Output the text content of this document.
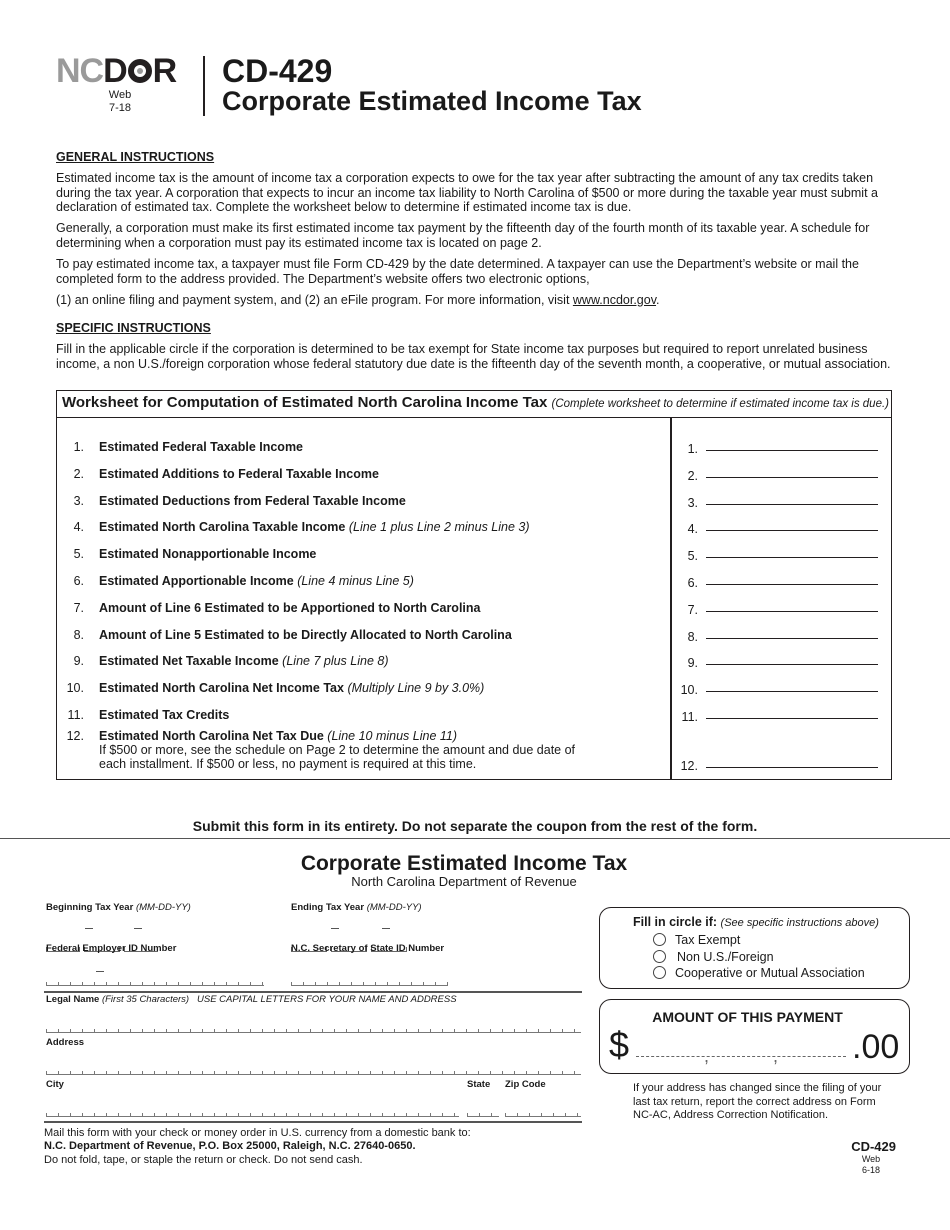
NCD R
Web
7-18
CD-429
Corporate Estimated Income Tax
GENERAL INSTRUCTIONS
Estimated income tax is the amount of income tax a corporation expects to owe for the tax year after subtracting the amount of any tax credits taken during the tax year. A corporation that expects to incur an income tax liability to North Carolina of $500 or more during the taxable year must submit a declaration of estimated tax. Complete the worksheet below to determine if estimated income tax is due.
Generally, a corporation must make its first estimated income tax payment by the fifteenth day of the fourth month of its taxable year. A schedule for determining when a corporation must pay its estimated income tax is located on page 2.
To pay estimated income tax, a taxpayer must file Form CD-429 by the date determined. A taxpayer can use the Department’s website or mail the completed form to the address provided. The Department’s website offers two electronic options,
(1) an online filing and payment system, and (2) an eFile program. For more information, visit www.ncdor.gov.
SPECIFIC INSTRUCTIONS
Fill in the applicable circle if the corporation is determined to be tax exempt for State income tax purposes but required to report unrelated business income, a non U.S./foreign corporation whose federal statutory due date is the fifteenth day of the seventh month, a cooperative, or mutual association.
Worksheet for Computation of Estimated North Carolina Income Tax (Complete worksheet to determine if estimated income tax is due.)
1. Estimated Federal Taxable Income	1.
2. Estimated Additions to Federal Taxable Income	2.
3. Estimated Deductions from Federal Taxable Income	3.
4. Estimated North Carolina Taxable Income (Line 1 plus Line 2 minus Line 3)	4.
5. Estimated Nonapportionable Income	5.
6. Estimated Apportionable Income (Line 4 minus Line 5)	6.
7. Amount of Line 6 Estimated to be Apportioned to North Carolina	7.
8. Amount of Line 5 Estimated to be Directly Allocated to North Carolina	8.
9. Estimated Net Taxable Income (Line 7 plus Line 8)	9.
10. Estimated North Carolina Net Income Tax (Multiply Line 9 by 3.0%)	10.
11. Estimated Tax Credits	11.
12. Estimated North Carolina Net Tax Due (Line 10 minus Line 11)
If $500 or more, see the schedule on Page 2 to determine the amount and due date of
each installment. If $500 or less, no payment is required at this time.	12.
Submit this form in its entirety. Do not separate the coupon from the rest of the form.
Corporate Estimated Income Tax
North Carolina Department of Revenue
Beginning Tax Year (MM-DD-YY)	Ending Tax Year (MM-DD-YY)
Federal Employer ID Number	N.C. Secretary of State ID Number
Legal Name (First 35 Characters) USE CAPITAL LETTERS FOR YOUR NAME AND ADDRESS
Address
City	State Zip Code
Fill in circle if: (See specific instructions above)
Tax Exempt
Non U.S./Foreign
Cooperative or Mutual Association
AMOUNT OF THIS PAYMENT
$	,	, .00
If your address has changed since the filing of your last tax return, report the correct address on Form NC-AC, Address Correction Notification.
Mail this form with your check or money order in U.S. currency from a domestic bank to:
N.C. Department of Revenue, P.O. Box 25000, Raleigh, N.C. 27640-0650.
Do not fold, tape, or staple the return or check. Do not send cash.
CD-429
Web
6-18
